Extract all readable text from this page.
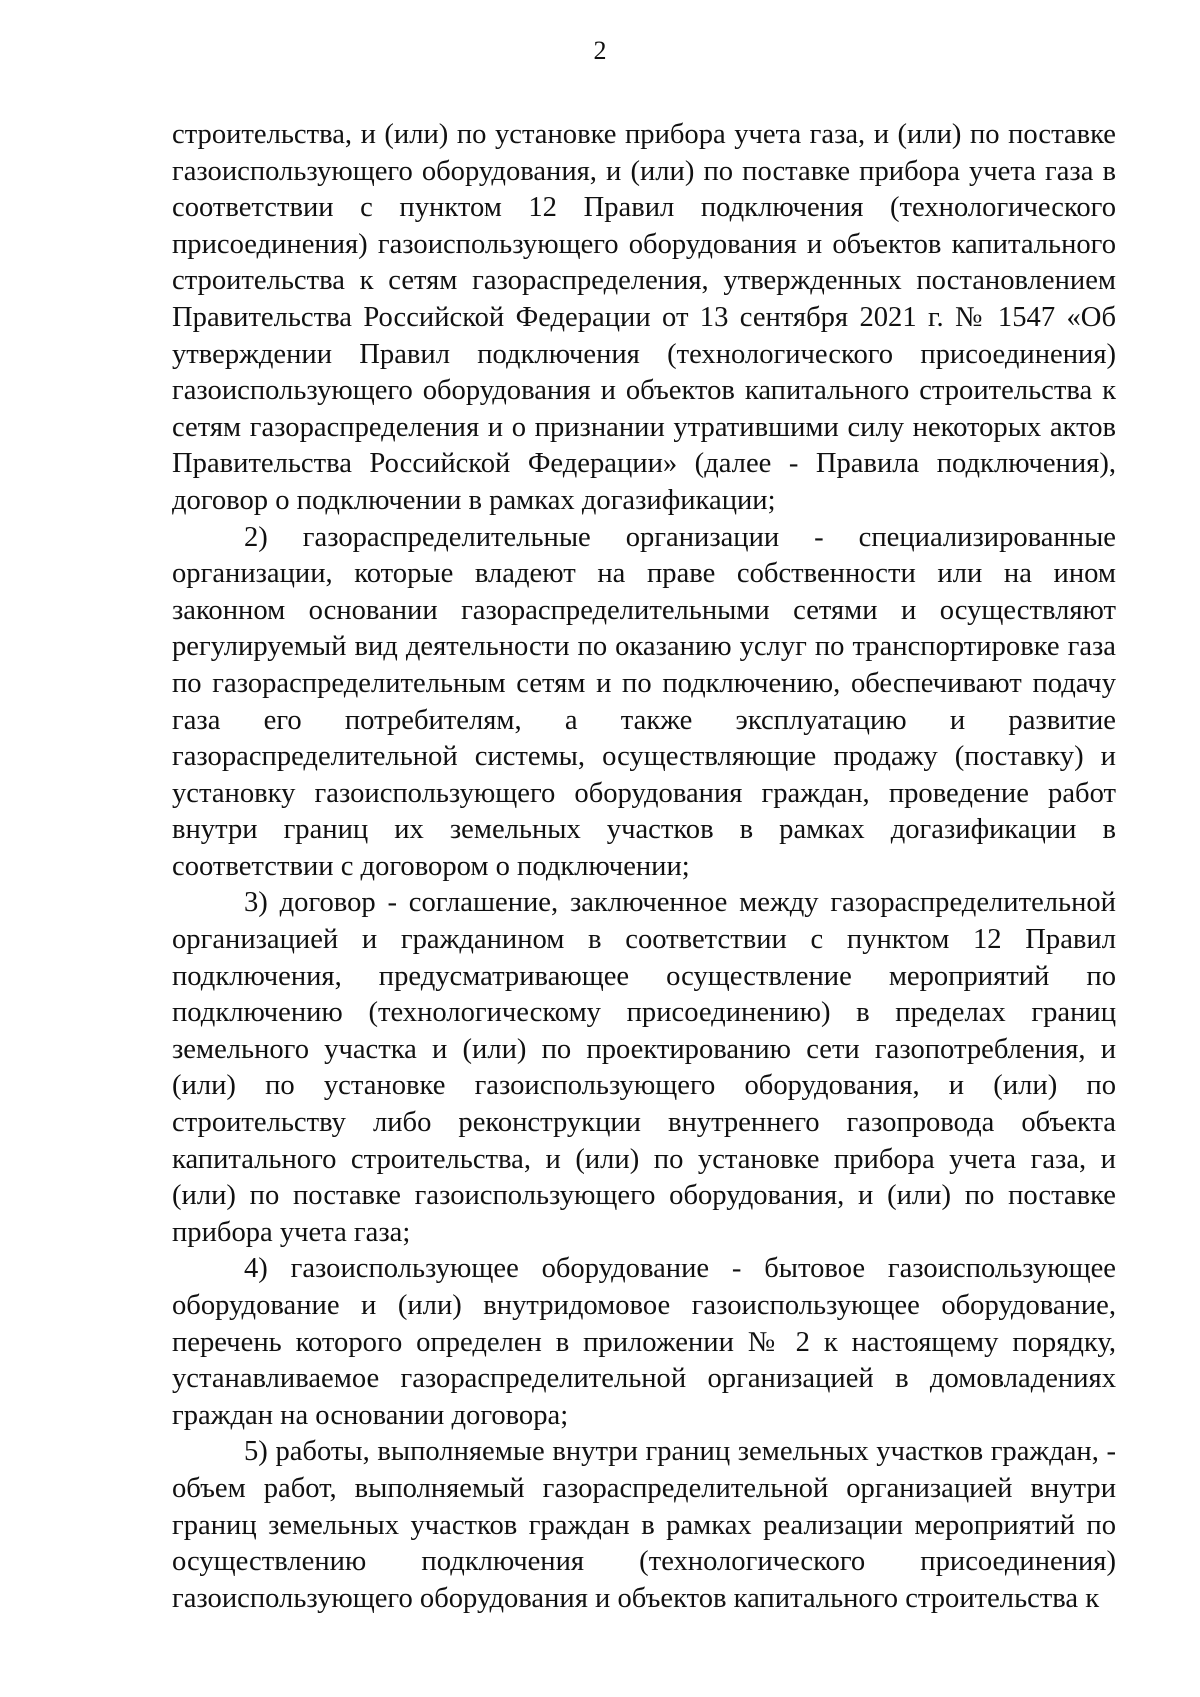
2

строительства, и (или) по установке прибора учета газа, и (или) по поставке газоиспользующего оборудования, и (или) по поставке прибора учета газа в соответствии с пунктом 12 Правил подключения (технологического присоединения) газоиспользующего оборудования и объектов капитального строительства к сетям газораспределения, утвержденных постановлением Правительства Российской Федерации от 13 сентября 2021 г. № 1547 «Об утверждении Правил подключения (технологического присоединения) газоиспользующего оборудования и объектов капитального строительства к сетям газораспределения и о признании утратившими силу некоторых актов Правительства Российской Федерации» (далее - Правила подключения), договор о подключении в рамках догазификации;

2) газораспределительные организации - специализированные организации, которые владеют на праве собственности или на ином законном основании газораспределительными сетями и осуществляют регулируемый вид деятельности по оказанию услуг по транспортировке газа по газораспределительным сетям и по подключению, обеспечивают подачу газа его потребителям, а также эксплуатацию и развитие газораспределительной системы, осуществляющие продажу (поставку) и установку газоиспользующего оборудования граждан, проведение работ внутри границ их земельных участков в рамках догазификации в соответствии с договором о подключении;

3) договор - соглашение, заключенное между газораспределительной организацией и гражданином в соответствии с пунктом 12 Правил подключения, предусматривающее осуществление мероприятий по подключению (технологическому присоединению) в пределах границ земельного участка и (или) по проектированию сети газопотребления, и (или) по установке газоиспользующего оборудования, и (или) по строительству либо реконструкции внутреннего газопровода объекта капитального строительства, и (или) по установке прибора учета газа, и (или) по поставке газоиспользующего оборудования, и (или) по поставке прибора учета газа;

4) газоиспользующее оборудование - бытовое газоиспользующее оборудование и (или) внутридомовое газоиспользующее оборудование, перечень которого определен в приложении № 2 к настоящему порядку, устанавливаемое газораспределительной организацией в домовладениях граждан на основании договора;

5) работы, выполняемые внутри границ земельных участков граждан, - объем работ, выполняемый газораспределительной организацией внутри границ земельных участков граждан в рамках реализации мероприятий по осуществлению подключения (технологического присоединения) газоиспользующего оборудования и объектов капитального строительства к
